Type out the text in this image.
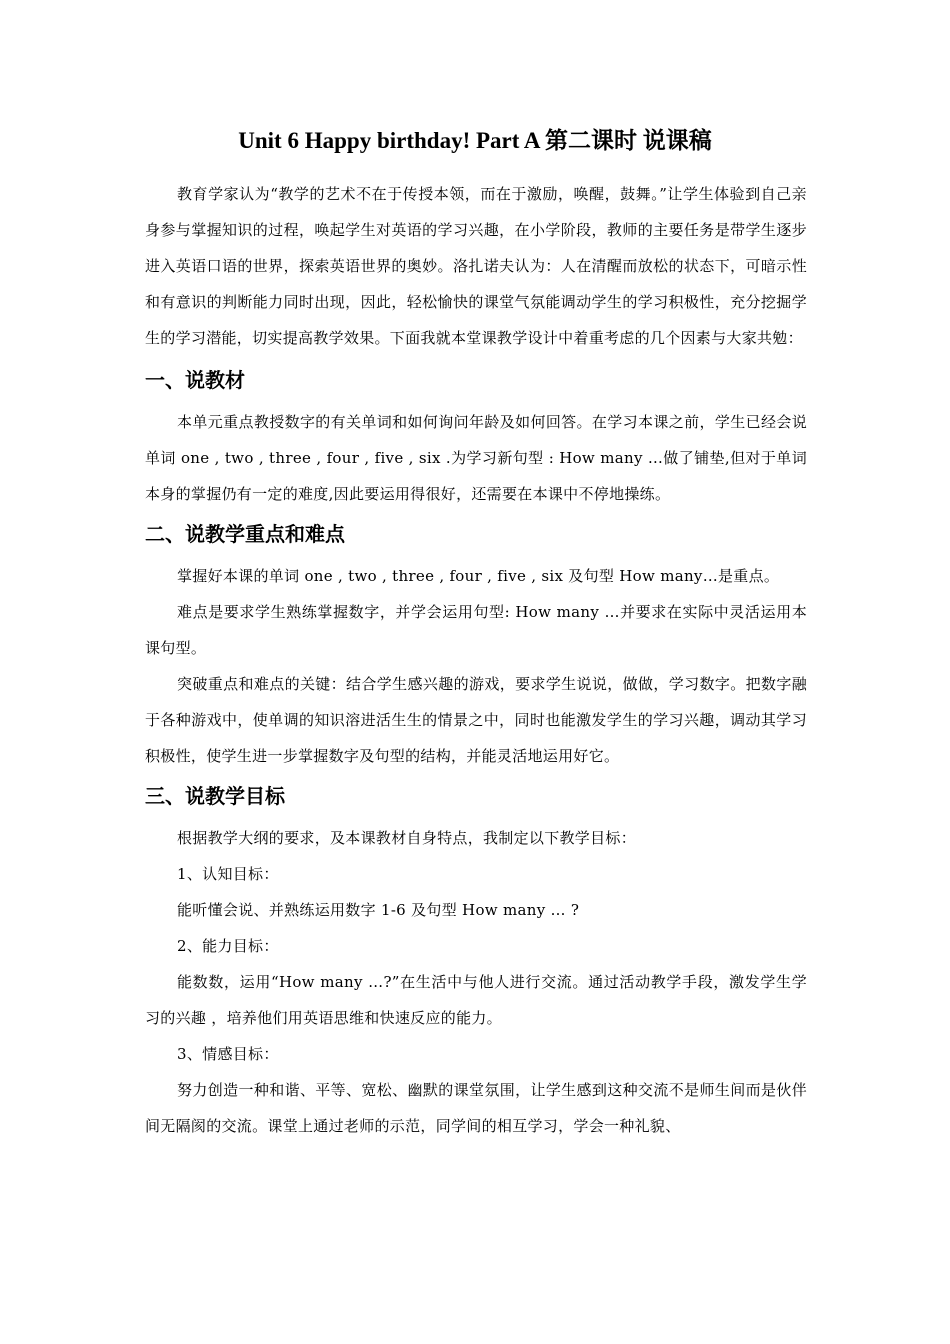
Unit 6 Happy birthday! Part A 第二课时 说课稿

教育学家认为“教学的艺术不在于传授本领，而在于激励，唤醒，鼓舞。”让学生体验到自己亲身参与掌握知识的过程，唤起学生对英语的学习兴趣，在小学阶段，教师的主要任务是带学生逐步进入英语口语的世界，探索英语世界的奥妙。洛扎诺夫认为：人在清醒而放松的状态下，可暗示性和有意识的判断能力同时出现，因此，轻松愉快的课堂气氛能调动学生的学习积极性，充分挖掘学生的学习潜能，切实提高教学效果。下面我就本堂课教学设计中着重考虑的几个因素与大家共勉：

一、说教材

本单元重点教授数字的有关单词和如何询问年龄及如何回答。在学习本课之前，学生已经会说单词 one , two , three , four , five , six .为学习新句型 : How many …做了铺垫,但对于单词本身的掌握仍有一定的难度,因此要运用得很好，还需要在本课中不停地操练。

二、说教学重点和难点

掌握好本课的单词 one , two , three , four , five , six 及句型 How many…是重点。

难点是要求学生熟练掌握数字，并学会运用句型: How many …并要求在实际中灵活运用本课句型。

突破重点和难点的关键：结合学生感兴趣的游戏，要求学生说说，做做，学习数字。把数字融于各种游戏中，使单调的知识溶进活生生的情景之中，同时也能激发学生的学习兴趣，调动其学习积极性，使学生进一步掌握数字及句型的结构，并能灵活地运用好它。

三、说教学目标

根据教学大纲的要求，及本课教材自身特点，我制定以下教学目标：

1、认知目标：

能听懂会说、并熟练运用数字 1-6 及句型 How many … ?

2、能力目标：

能数数，运用“How many …?”在生活中与他人进行交流。通过活动教学手段，激发学生学习的兴趣 ，培养他们用英语思维和快速反应的能力。

3、情感目标：

努力创造一种和谐、平等、宽松、幽默的课堂氛围，让学生感到这种交流不是师生间而是伙伴间无隔阂的交流。课堂上通过老师的示范，同学间的相互学习，学会一种礼貌、
